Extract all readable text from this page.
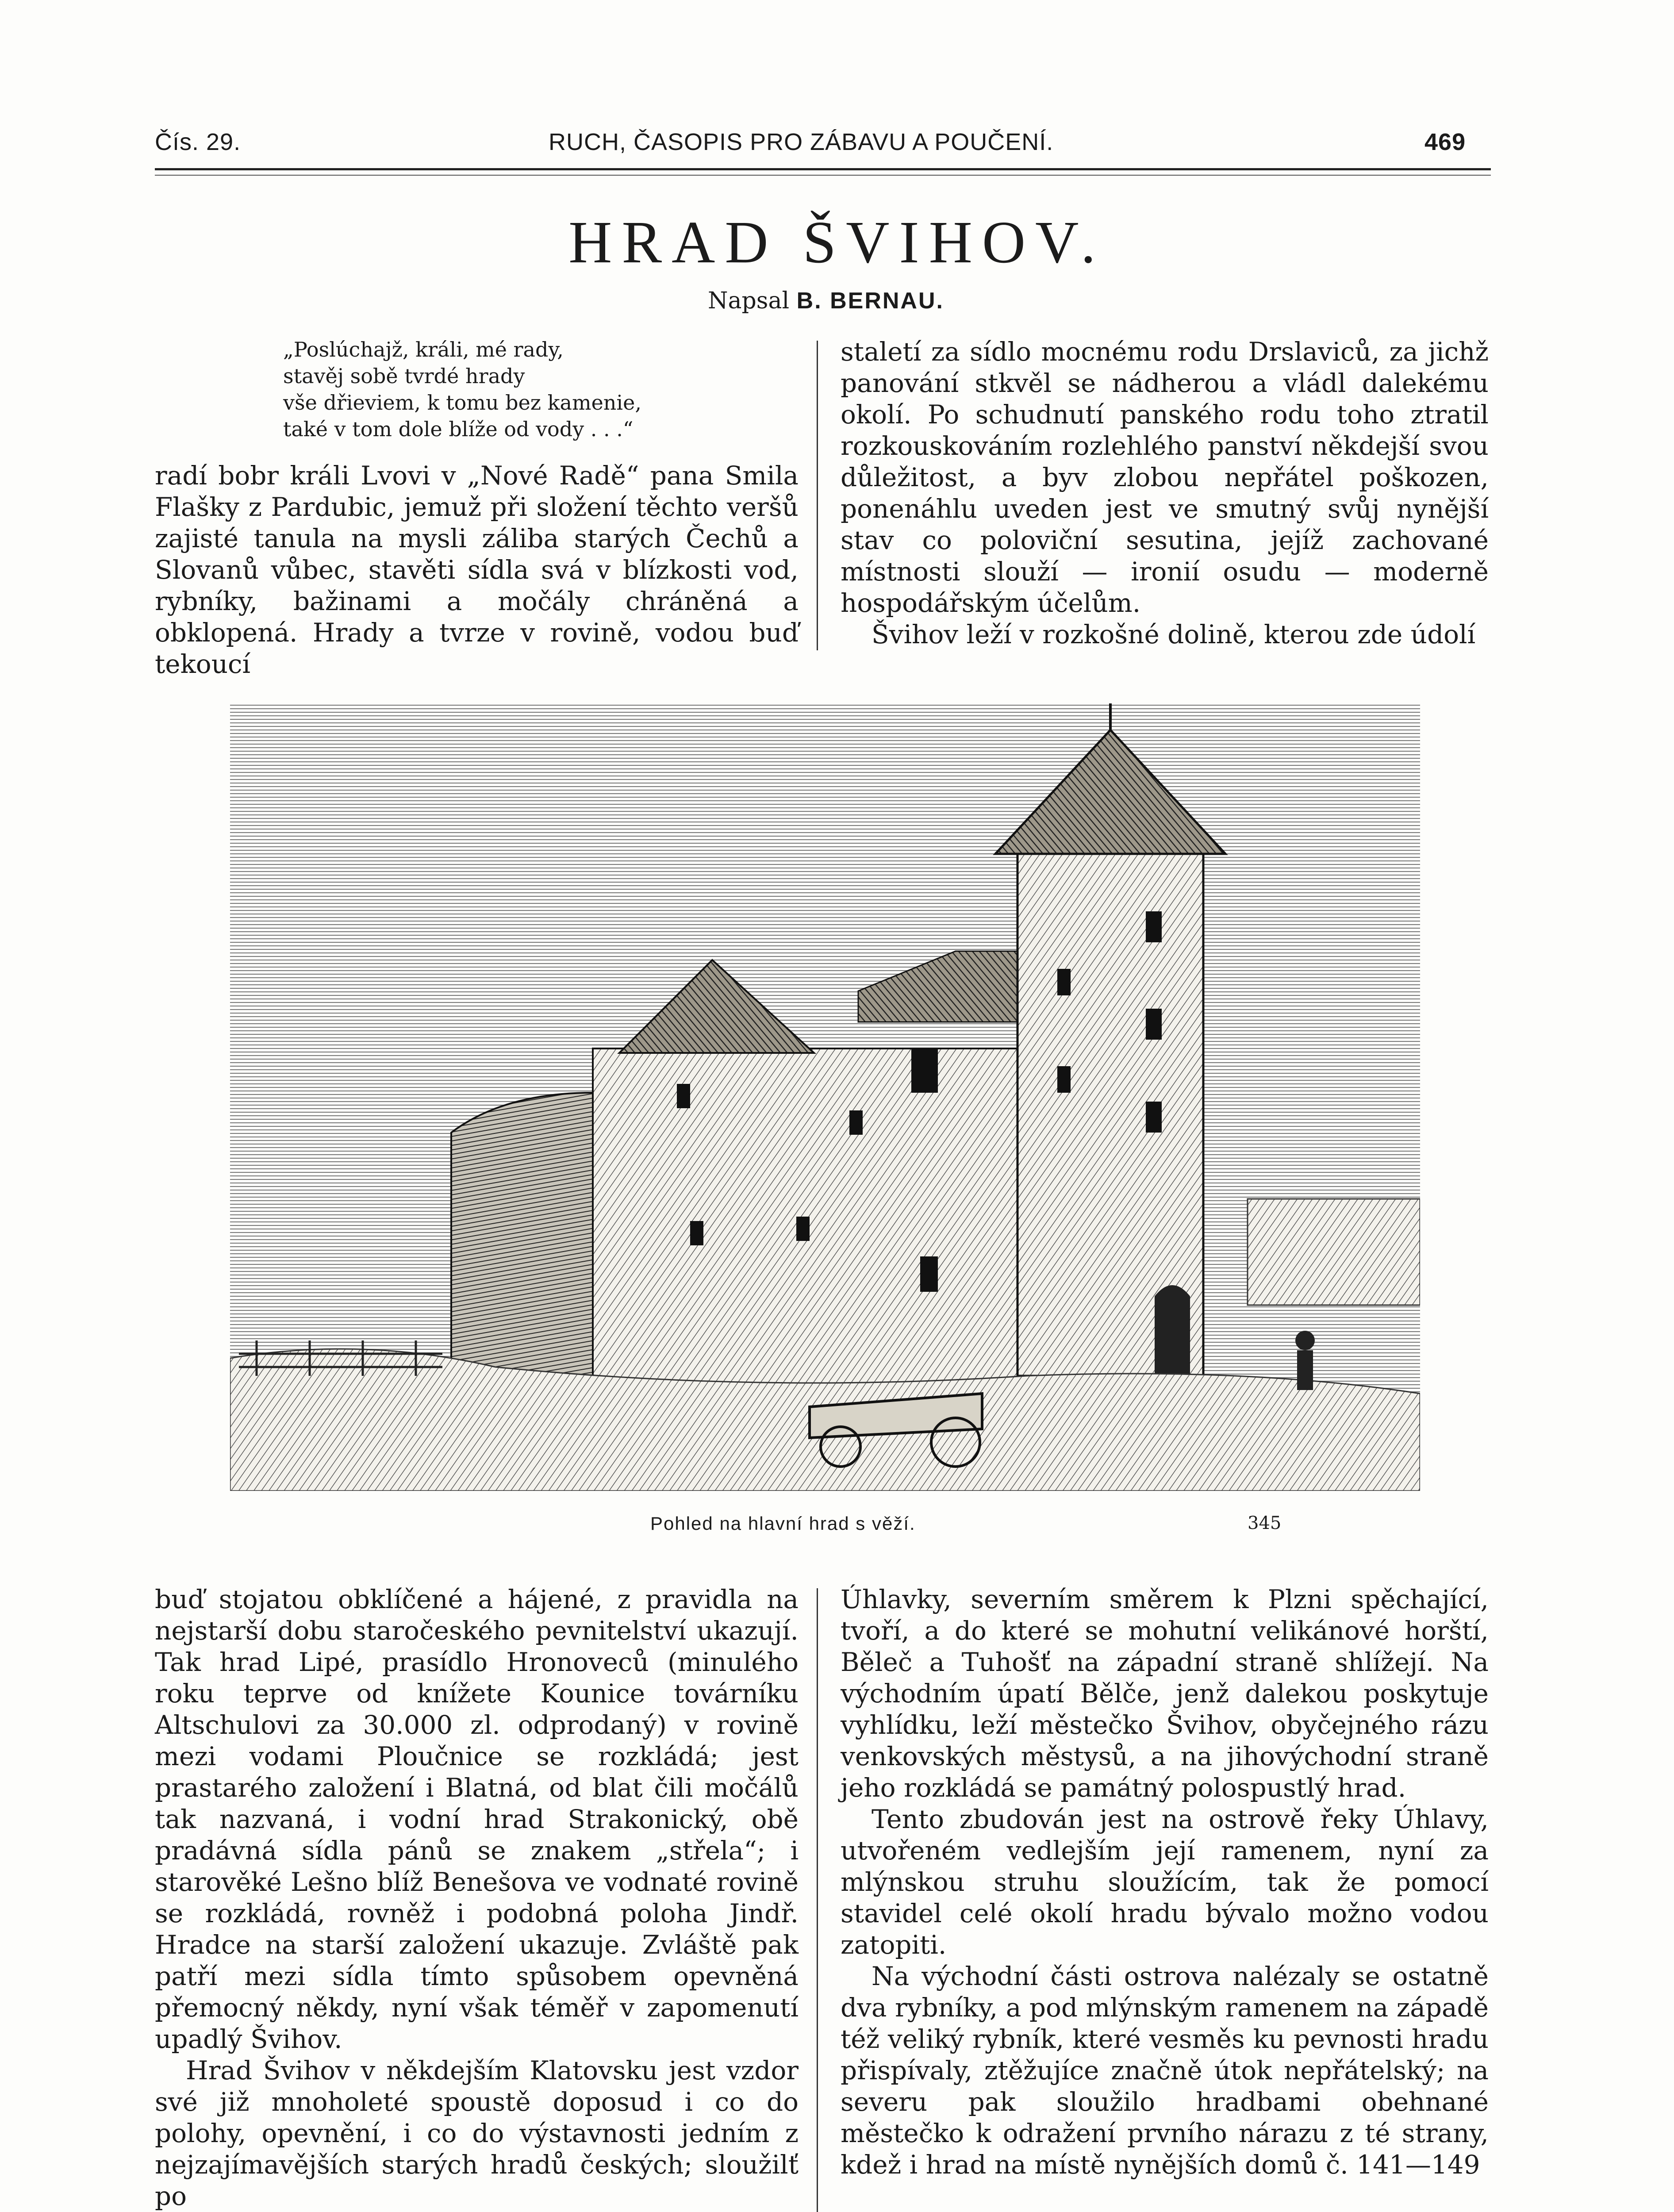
Čís. 29.	RUCH, ČASOPIS PRO ZÁBAVU A POUČENÍ.	469
HRAD ŠVIHOV.
Napsal B. BERNAU.
„Poslúchajž, králi, mé rady,
stavěj sobě tvrdé hrady
vše dřieviem, k tomu bez kamenie,
také v tom dole blíže od vody . . .“

radí bobr králi Lvovi v „Nové Radě“ pana Smila Flašky z Pardubic, jemuž při složení těchto veršů zajisté tanula na mysli záliba starých Čechů a Slovanů vůbec, stavěti sídla svá v blízkosti vod, rybníky, bažinami a močály chráněná a obklopená. Hrady a tvrze v rovině, vodou buď tekoucí

staletí za sídlo mocnému rodu Drslaviců, za jichž panování stkvěl se nádherou a vládl dalekému okolí. Po schudnutí panského rodu toho ztratil rozkouskováním rozlehlého panství někdejší svou důležitost, a byv zlobou nepřátel poškozen, ponenáhlu uveden jest ve smutný svůj nynější stav co poloviční sesutina, jejíž zachované místnosti slouží — ironií osudu — moderně hospodářským účelům.

Švihov leží v rozkošné dolině, kterou zde údolí

Pohled na hlavní hrad s věží.	345

buď stojatou obklíčené a hájené, z pravidla na nejstarší dobu staročeského pevnitelství ukazují. Tak hrad Lipé, prasídlo Hronoveců (minulého roku teprve od knížete Kounice továrníku Altschulovi za 30.000 zl. odprodaný) v rovině mezi vodami Ploučnice se rozkládá; jest prastarého založení i Blatná, od blat čili močálů tak nazvaná, i vodní hrad Strakonický, obě pradávná sídla pánů se znakem „střela“; i starověké Lešno blíž Benešova ve vodnaté rovině se rozkládá, rovněž i podobná poloha Jindř. Hradce na starší založení ukazuje. Zvláště pak patří mezi sídla tímto spůsobem opevněná přemocný někdy, nyní však téměř v zapomenutí upadlý Švihov.

Hrad Švihov v někdejším Klatovsku jest vzdor své již mnoholeté spoustě doposud i co do polohy, opevnění, i co do výstavnosti jedním z nejzajímavějších starých hradů českých; sloužilť po

Úhlavky, severním směrem k Plzni spěchající, tvoří, a do které se mohutní velikánové horští, Běleč a Tuhošť na západní straně shlížejí. Na východním úpatí Bělče, jenž dalekou poskytuje vyhlídku, leží městečko Švihov, obyčejného rázu venkovských městysů, a na jihovýchodní straně jeho rozkládá se památný polospustlý hrad.

Tento zbudován jest na ostrově řeky Úhlavy, utvořeném vedlejším její ramenem, nyní za mlýnskou struhu sloužícím, tak že pomocí stavidel celé okolí hradu bývalo možno vodou zatopiti.

Na východní části ostrova nalézaly se ostatně dva rybníky, a pod mlýnským ramenem na západě též veliký rybník, které vesměs ku pevnosti hradu přispívaly, ztěžujíce značně útok nepřátelský; na severu pak sloužilo hradbami obehnané městečko k odražení prvního nárazu z té strany, kdež i hrad na místě nynějších domů č. 141—149
